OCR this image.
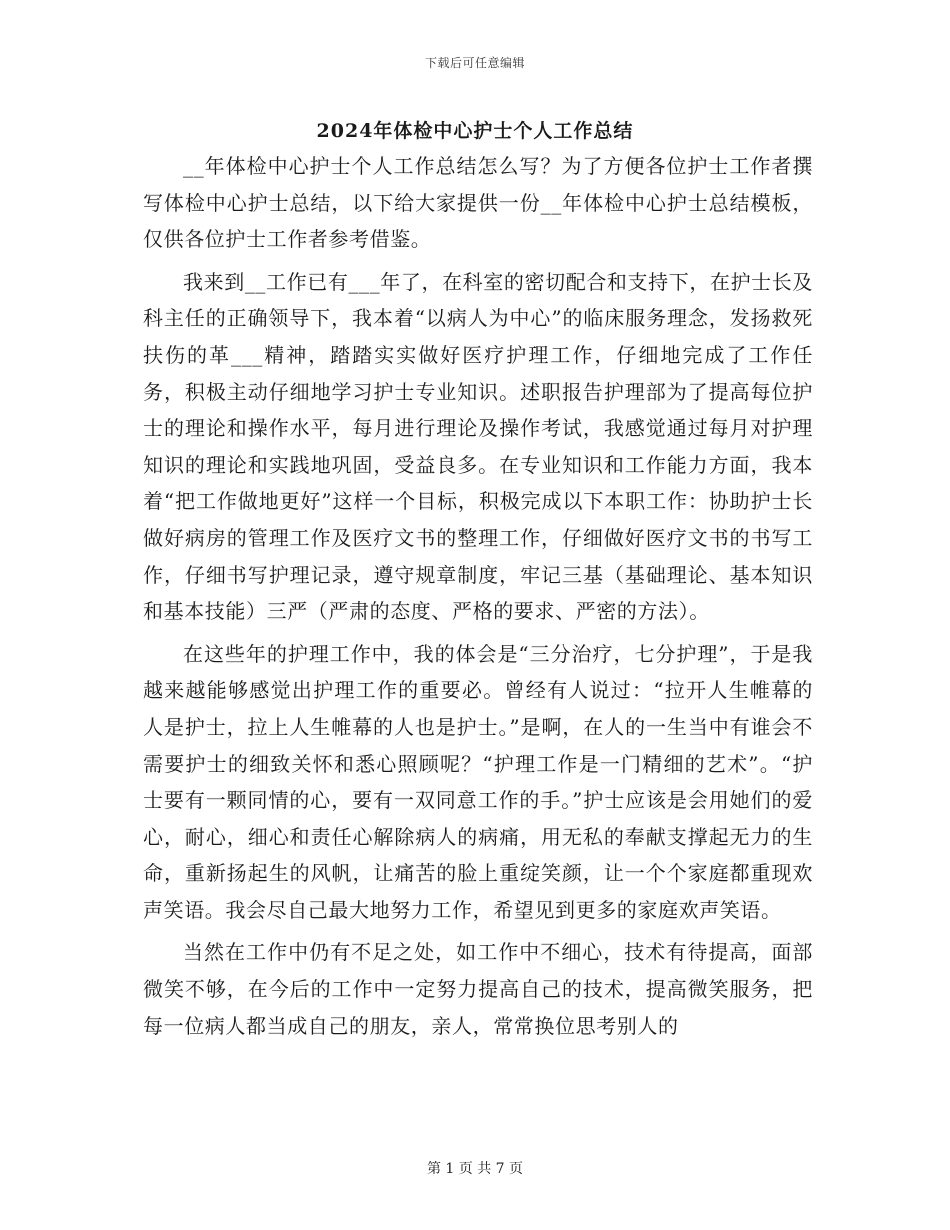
下载后可任意编辑
2024年体检中心护士个人工作总结

__年体检中心护士个人工作总结怎么写？为了方便各位护士工作者撰写体检中心护士总结，以下给大家提供一份__年体检中心护士总结模板，仅供各位护士工作者参考借鉴。

我来到__工作已有___年了，在科室的密切配合和支持下，在护士长及科主任的正确领导下，我本着“以病人为中心”的临床服务理念，发扬救死扶伤的革___精神，踏踏实实做好医疗护理工作，仔细地完成了工作任务，积极主动仔细地学习护士专业知识。述职报告护理部为了提高每位护士的理论和操作水平，每月进行理论及操作考试，我感觉通过每月对护理知识的理论和实践地巩固，受益良多。在专业知识和工作能力方面，我本着“把工作做地更好”这样一个目标，积极完成以下本职工作：协助护士长做好病房的管理工作及医疗文书的整理工作，仔细做好医疗文书的书写工作，仔细书写护理记录，遵守规章制度，牢记三基（基础理论、基本知识和基本技能）三严（严肃的态度、严格的要求、严密的方法）。

在这些年的护理工作中，我的体会是“三分治疗，七分护理”，于是我越来越能够感觉出护理工作的重要必。曾经有人说过：“拉开人生帷幕的人是护士，拉上人生帷幕的人也是护士。”是啊，在人的一生当中有谁会不需要护士的细致关怀和悉心照顾呢？“护理工作是一门精细的艺术”。“护士要有一颗同情的心，要有一双同意工作的手。”护士应该是会用她们的爱心，耐心，细心和责任心解除病人的病痛，用无私的奉献支撑起无力的生命，重新扬起生的风帆，让痛苦的脸上重绽笑颜，让一个个家庭都重现欢声笑语。我会尽自己最大地努力工作，希望见到更多的家庭欢声笑语。

当然在工作中仍有不足之处，如工作中不细心，技术有待提高，面部微笑不够，在今后的工作中一定努力提高自己的技术，提高微笑服务，把每一位病人都当成自己的朋友，亲人，常常换位思考别人的

第 1 页 共 7 页
